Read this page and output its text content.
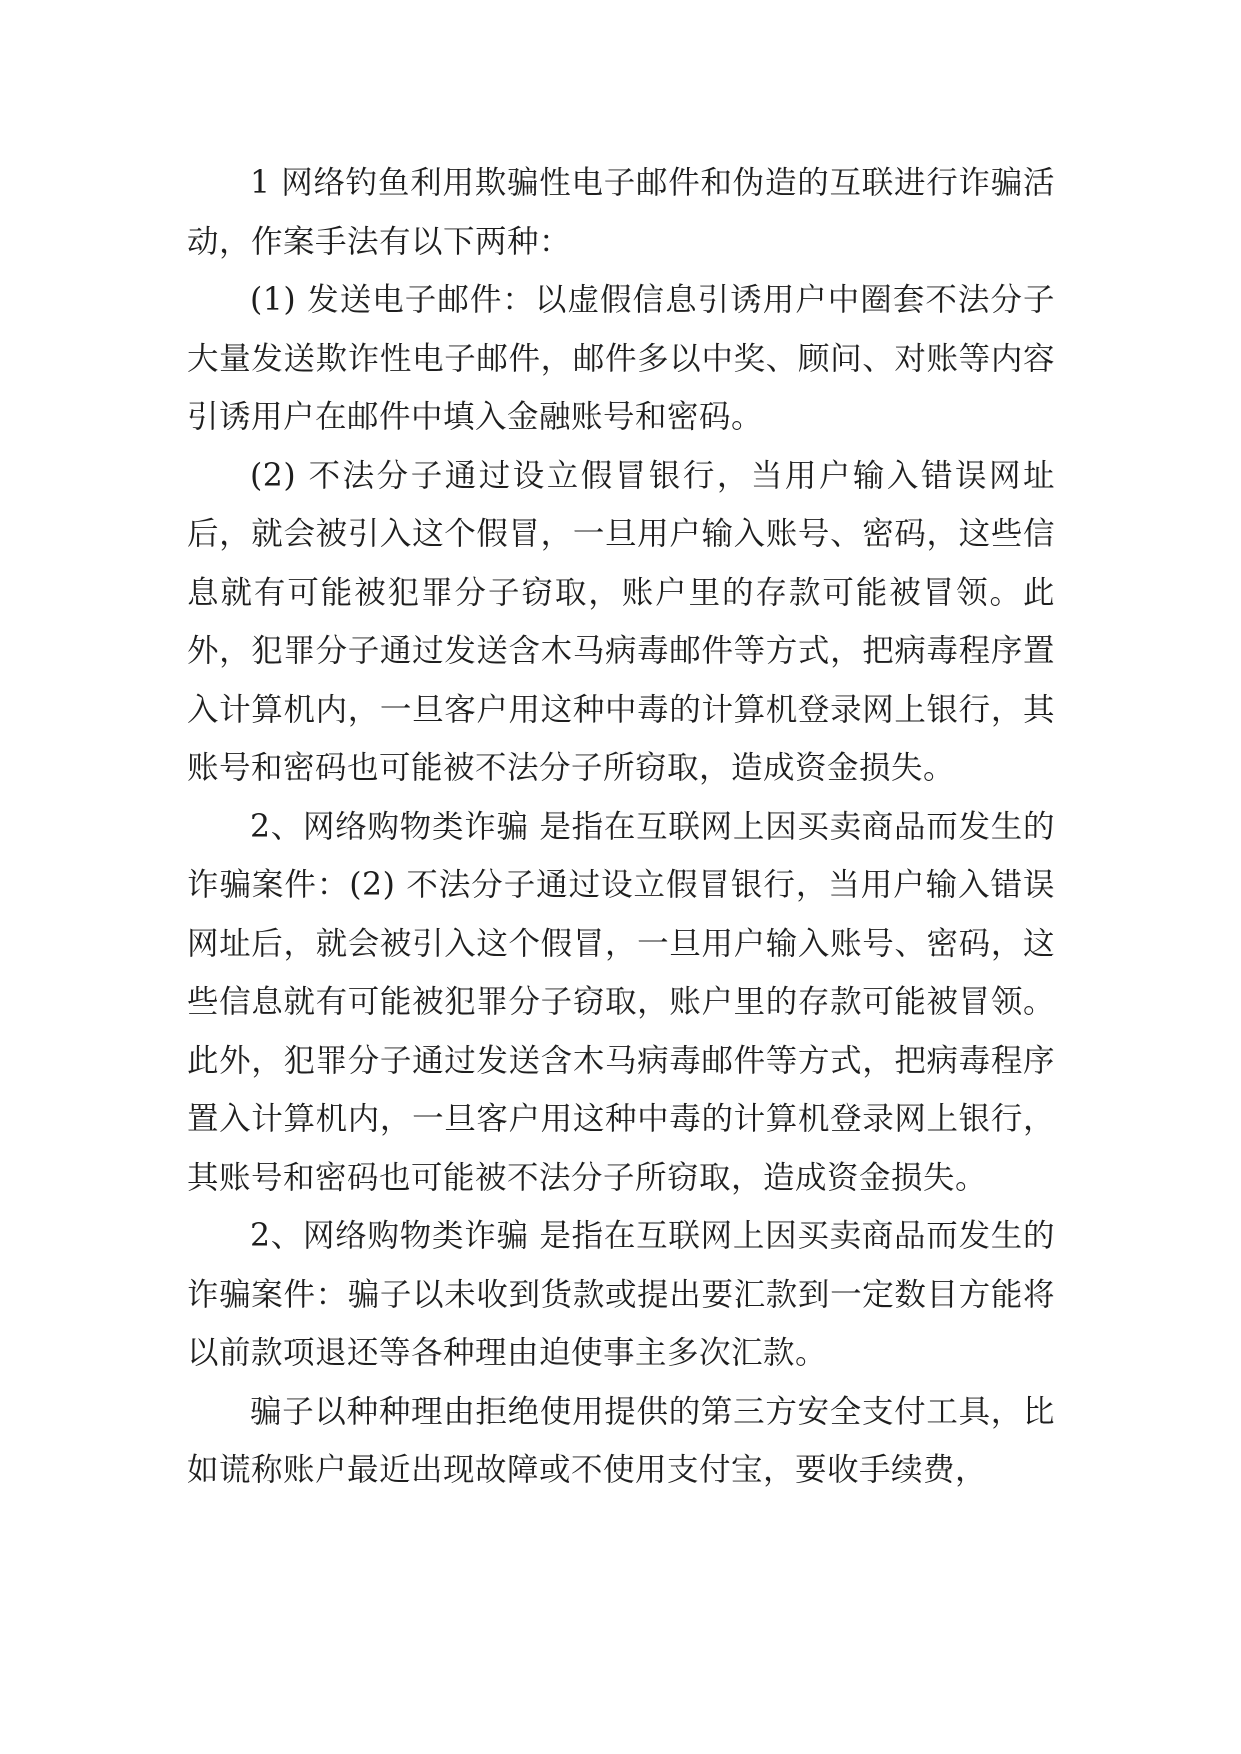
1 网络钓鱼利用欺骗性电子邮件和伪造的互联进行诈骗活动，作案手法有以下两种：

(1) 发送电子邮件：以虚假信息引诱用户中圈套不法分子大量发送欺诈性电子邮件，邮件多以中奖、顾问、对账等内容引诱用户在邮件中填入金融账号和密码。

(2) 不法分子通过设立假冒银行，当用户输入错误网址后，就会被引入这个假冒，一旦用户输入账号、密码，这些信息就有可能被犯罪分子窃取，账户里的存款可能被冒领。此外，犯罪分子通过发送含木马病毒邮件等方式，把病毒程序置入计算机内，一旦客户用这种中毒的计算机登录网上银行，其账号和密码也可能被不法分子所窃取，造成资金损失。

2、网络购物类诈骗 是指在互联网上因买卖商品而发生的诈骗案件：(2) 不法分子通过设立假冒银行，当用户输入错误网址后，就会被引入这个假冒，一旦用户输入账号、密码，这些信息就有可能被犯罪分子窃取，账户里的存款可能被冒领。此外，犯罪分子通过发送含木马病毒邮件等方式，把病毒程序置入计算机内，一旦客户用这种中毒的计算机登录网上银行，其账号和密码也可能被不法分子所窃取，造成资金损失。

2、网络购物类诈骗 是指在互联网上因买卖商品而发生的诈骗案件：骗子以未收到货款或提出要汇款到一定数目方能将以前款项退还等各种理由迫使事主多次汇款。

骗子以种种理由拒绝使用提供的第三方安全支付工具，比如谎称账户最近出现故障或不使用支付宝，要收手续费，
